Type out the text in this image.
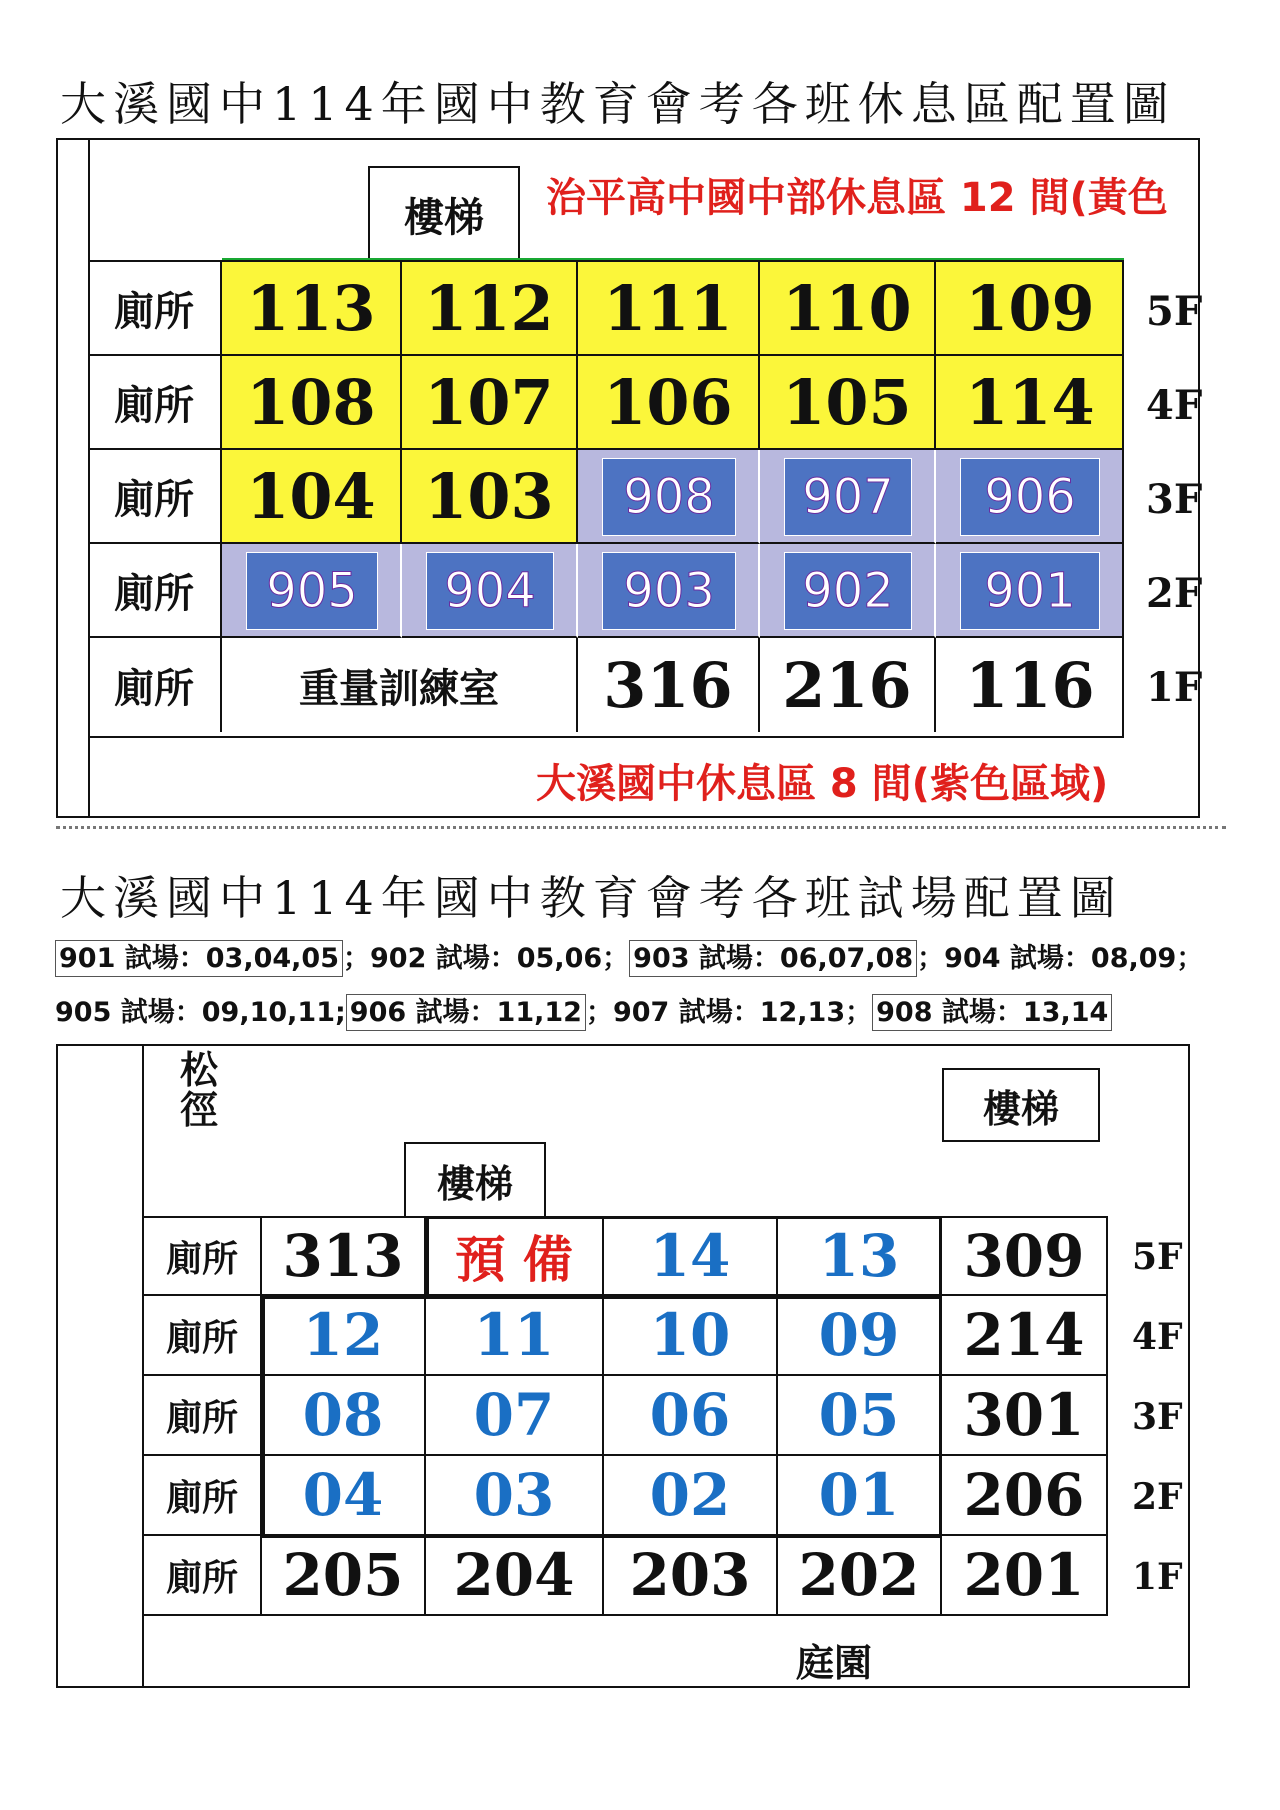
大溪國中114年國中教育會考各班休息區配置圖
樓梯	治平高中國中部休息區 12 間(黃色
廁所 113 112 111 110 109	5F
廁所 108 107 106 105 114	4F
廁所 104 103	908 907 906 3F
廁所	905 904 903 902 901 2F
廁所	重量訓練室	316 216 116	1F
大溪國中休息區 8 間(紫色區域)
大溪國中114年國中教育會考各班試場配置圖
901 試場：03,04,05 ；902 試場：05,06； 903 試場：06,07,08 ；904 試場：08,09；
905 試場：09,10,11; 906 試場：11,12 ；907 試場：12,13； 908 試場：13,14
松徑
樓梯
樓梯
廁所 313	預 備	14	13	309	5F
廁所	12	11	10	09	214	4F
廁所	08	07	06	05	301	3F
廁所	04	03	02	01	206	2F
廁所 205 204 203 202 201	1F
庭園
